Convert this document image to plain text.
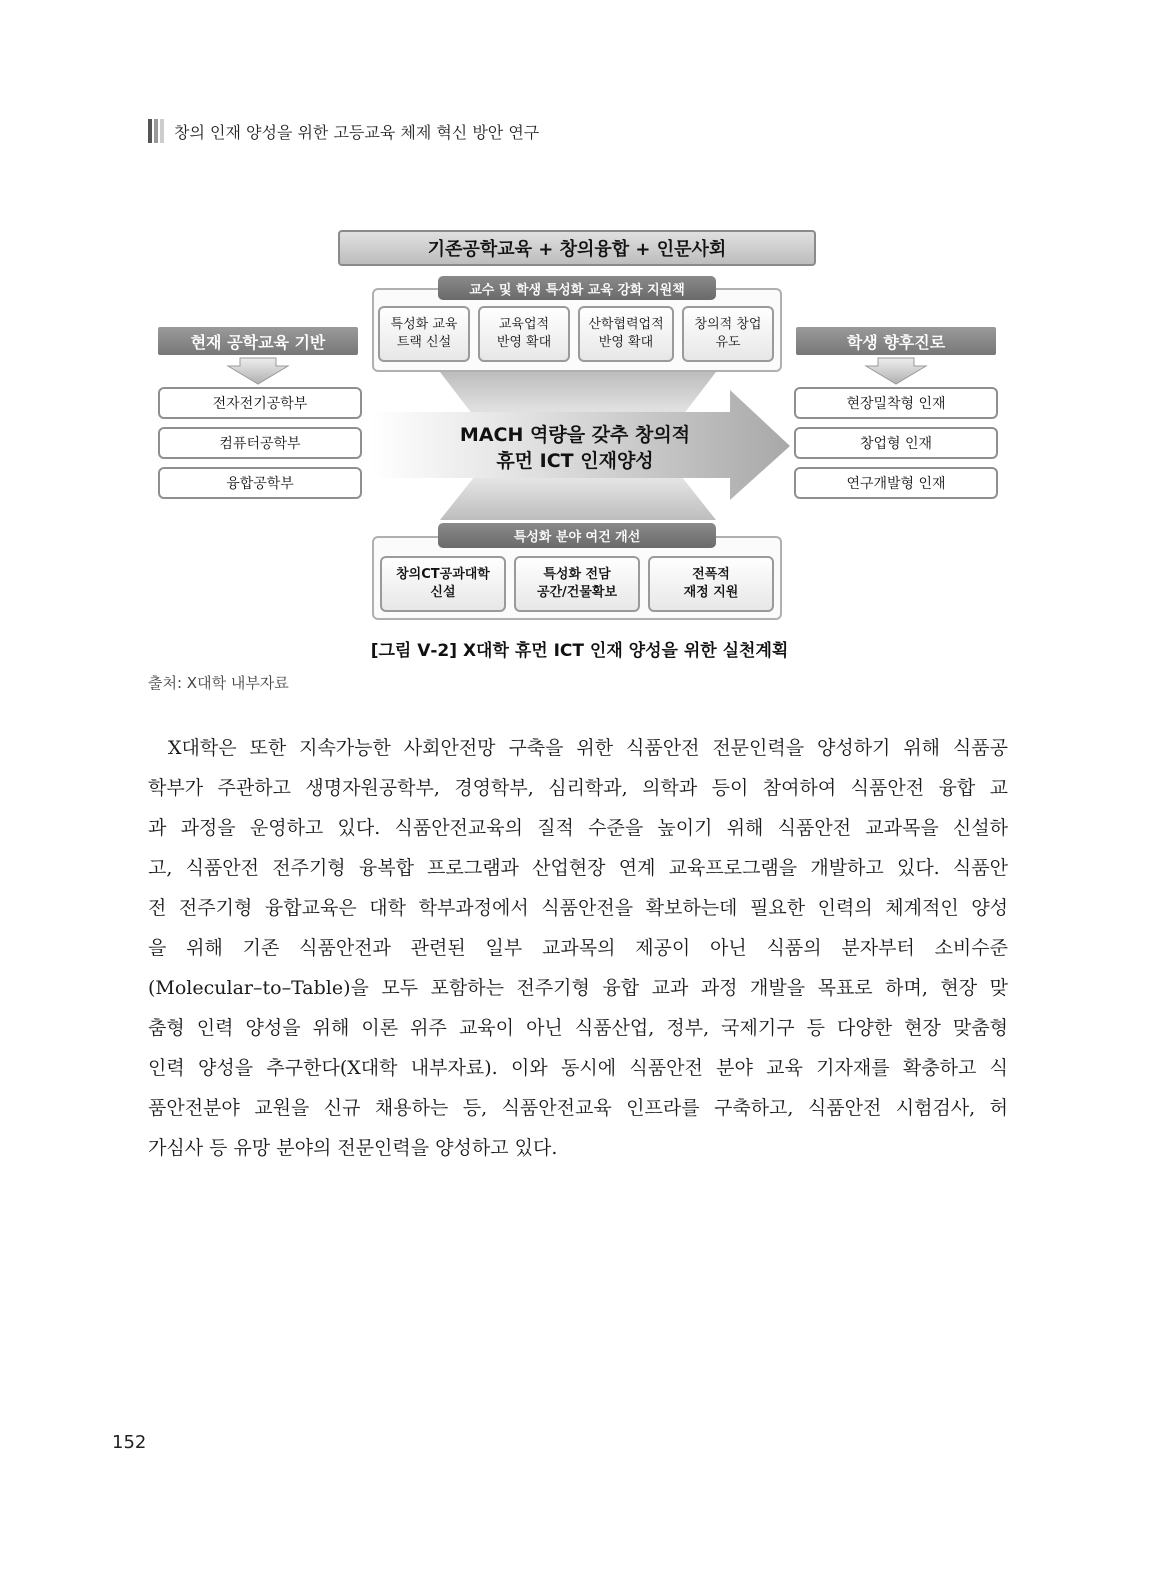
창의 인재 양성을 위한 고등교육 체제 혁신 방안 연구
기존공학교육 + 창의융합 + 인문사회
교수 및 학생 특성화 교육 강화 지원책
특성화 교육
트랙 신설
교육업적
반영 확대
산학협력업적
반영 확대
창의적 창업
유도
현재 공학교육 기반
전자전기공학부
컴퓨터공학부
융합공학부
MACH 역량을 갖추 창의적
휴먼 ICT 인재양성
학생 향후진로
현장밀착형 인재
창업형 인재
연구개발형 인재
특성화 분야 여건 개선
창의CT공과대학
신설
특성화 전담
공간/건물확보
전폭적
재정 지원
[그림 Ⅴ-2] X대학 휴먼 ICT 인재 양성을 위한 실천계획
출처: X대학 내부자료
X대학은 또한 지속가능한 사회안전망 구축을 위한 식품안전 전문인력을 양성하기 위해 식품공
학부가 주관하고 생명자원공학부, 경영학부, 심리학과, 의학과 등이 참여하여 식품안전 융합 교
과 과정을 운영하고 있다. 식품안전교육의 질적 수준을 높이기 위해 식품안전 교과목을 신설하
고, 식품안전 전주기형 융복합 프로그램과 산업현장 연계 교육프로그램을 개발하고 있다. 식품안
전 전주기형 융합교육은 대학 학부과정에서 식품안전을 확보하는데 필요한 인력의 체계적인 양성
을 위해 기존 식품안전과 관련된 일부 교과목의 제공이 아닌 식품의 분자부터 소비수준
(Molecular–to–Table)을 모두 포함하는 전주기형 융합 교과 과정 개발을 목표로 하며, 현장 맞
춤형 인력 양성을 위해 이론 위주 교육이 아닌 식품산업, 정부, 국제기구 등 다양한 현장 맞춤형
인력 양성을 추구한다(X대학 내부자료). 이와 동시에 식품안전 분야 교육 기자재를 확충하고 식
품안전분야 교원을 신규 채용하는 등, 식품안전교육 인프라를 구축하고, 식품안전 시험검사, 허
가심사 등 유망 분야의 전문인력을 양성하고 있다.
152
